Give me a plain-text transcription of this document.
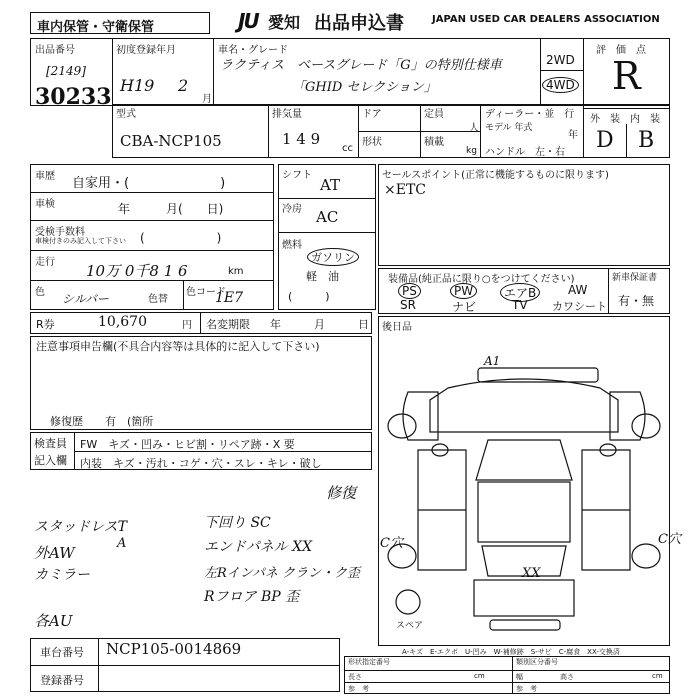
車内保管・守衛保管	JU 愛知 出品申込書	JAPAN USED CAR DEALERS ASSOCIATION
出品番号
[2149]
30233
初度登録年月
H19 2
月
車名・グレード
ラクティス　ベースグレード「G」の特別仕様車
「GHID セレクション」
2WD
4WD
評　価　点
R
型式
CBA-NCP105
排気量
1 4 9
cc
ドア
形状
定員
人
積載
kg
ディーラー・並　行
モデル 年式
年
ハンドル　左・右
外　装　内　装
D B
車歴 自家用・(　　　　　　　)
車検	年　　　月(　　日)
受検手数料
車検付きのみ記入して下さい (　　　　　　)
走行 10万 0千8 1 6	km
色 シルバー	色替
色コード
1E7
シフト
AT
冷房 AC
燃料
ガソリン
軽　油
(　　　)
セールスポイント(正常に機能するものに限ります)
×ETC
装備品(純正品に限り○をつけてください)	新車保証書
有・無
PS	PW	エアB	AW
SR	ナビ	TV カワシート
R券	10,670	円 名変期限 年　　　月　　　日
注意事項申告欄(不具合内容等は具体的に記入して下さい)
修復歴　　有　(箇所
後日品
検査員
記入欄
FW　キズ・凹み・ヒビ割・リペア跡・X 要
内装　キズ・汚れ・コゲ・穴・スレ・キレ・破し
修復
スタッドレスT
外AW
A
カミラー
各AU
下回り SC
エンドパネル XX
左Rインパネ クラン・ク歪
Rフロア BP 歪
A1
C穴	C穴
XX
スペア
A-キズ　E-エクボ　U-凹み　W-補修跡　S-サビ　C-腐食　XX-交換済
車台番号 NCP105-0014869
登録番号
形状指定番号	類別区分番号
長さ	cm	幅	高さ	cm
参　考	参　考
